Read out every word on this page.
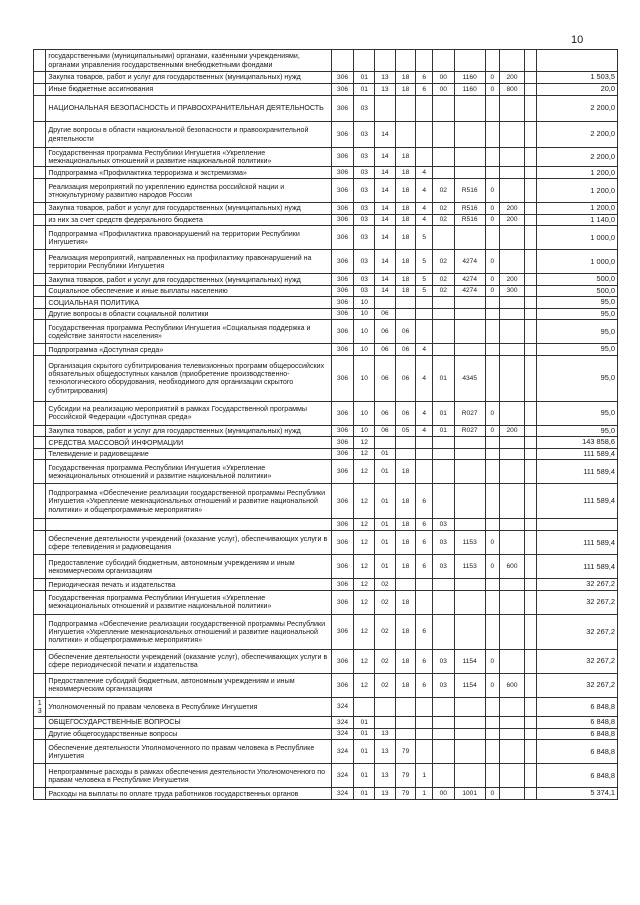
10
	государственными (муниципальными) органами, казёнными учреждениями, органами управления государственными внебюджетными фондами											
	Закупка товаров, работ и услуг для государственных (муниципальных) нужд	306	01	13	18	6	00	1160	0	200		1 503,5
	Иные бюджетные ассигнования	306	01	13	18	6	00	1160	0	800		20,0
	НАЦИОНАЛЬНАЯ БЕЗОПАСНОСТЬ И ПРАВООХРАНИТЕЛЬНАЯ ДЕЯТЕЛЬНОСТЬ	306	03									2 200,0
	Другие вопросы в области национальной безопасности и правоохранительной деятельности	306	03	14								2 200,0
	Государственная программа Республики Ингушетия «Укрепление межнациональных отношений и развитие национальной политики»	306	03	14	18							2 200,0
	Подпрограмма «Профилактика терроризма и экстремизма»	306	03	14	18	4						1 200,0
	Реализация мероприятий по укреплению единства российской нации и этнокультурному развитию народов России	306	03	14	18	4	02	R516	0			1 200,0
	Закупка товаров, работ и услуг для государственных (муниципальных) нужд	306	03	14	18	4	02	R516	0	200		1 200,0
	из них за счет средств федерального бюджета	306	03	14	18	4	02	R516	0	200		1 140,0
	Подпрограмма «Профилактика правонарушений на территории Республики Ингушетия»	306	03	14	18	5						1 000,0
	Реализация мероприятий, направленных на профилактику правонарушений на территории Республики Ингушетия	306	03	14	18	5	02	4274	0			1 000,0
	Закупка товаров, работ и услуг для государственных (муниципальных) нужд	306	03	14	18	5	02	4274	0	200		500,0
	Социальное обеспечение и иные выплаты населению	306	03	14	18	5	02	4274	0	300		500,0
	СОЦИАЛЬНАЯ ПОЛИТИКА	306	10									95,0
	Другие вопросы в области социальной политики	306	10	06								95,0
	Государственная программа Республики Ингушетия «Социальная поддержка и содействие занятости населения»	306	10	06	06							95,0
	Подпрограмма «Доступная среда»	306	10	06	06	4						95,0
	Организация скрытого субтитрирования телевизионных программ общероссийских обязательных общедоступных каналов (приобретение производственно-технологического оборудования, необходимого для организации скрытого субтитрирования)	306	10	06	06	4	01	4345				95,0
	Субсидии на реализацию мероприятий в рамках Государственной программы Российской Федерации «Доступная среда»	306	10	06	06	4	01	R027	0			95,0
	Закупка товаров, работ и услуг для государственных (муниципальных) нужд	306	10	06	05	4	01	R027	0	200		95,0
	СРЕДСТВА МАССОВОЙ ИНФОРМАЦИИ	306	12									143 858,6
	Телевидение и радиовещание	306	12	01								111 589,4
	Государственная программа Республики Ингушетия «Укрепление межнациональных отношений и развитие национальной политики»	306	12	01	18							111 589,4
	Подпрограмма «Обеспечение реализации государственной программы Республики Ингушетия «Укрепление межнациональных отношений и развитие национальной политики» и общепрограммные мероприятия»	306	12	01	18	6						111 589,4
		306	12	01	18	6	03					
	Обеспечение деятельности учреждений (оказание услуг), обеспечивающих услуги в сфере телевидения и радиовещания	306	12	01	18	6	03	1153	0			111 589,4
	Предоставление субсидий бюджетным, автономным учреждениям и иным некоммерческим организациям	306	12	01	18	6	03	1153	0	600		111 589,4
	Периодическая печать и издательства	306	12	02								32 267,2
	Государственная программа Республики Ингушетия «Укрепление межнациональных отношений и развитие национальной политики»	306	12	02	18							32 267,2
	Подпрограмма «Обеспечение реализации государственной программы Республики Ингушетия «Укрепление межнациональных отношений и развитие национальной политики» и общепрограммные мероприятия»	306	12	02	18	6						32 267,2
	Обеспечение деятельности учреждений (оказание услуг), обеспечивающих услуги в сфере периодической печати и издательства	306	12	02	18	6	03	1154	0			32 267,2
	Предоставление субсидий бюджетным, автономным учреждениям и иным некоммерческим организациям	306	12	02	18	6	03	1154	0	600		32 267,2
13	Уполномоченный по правам человека в Республике Ингушетия	324										6 848,8
	ОБЩЕГОСУДАРСТВЕННЫЕ ВОПРОСЫ	324	01									6 848,8
	Другие общегосударственные вопросы	324	01	13								6 848,8
	Обеспечение деятельности Уполномоченного по правам человека в Республике Ингушетия	324	01	13	79							6 848,8
	Непрограммные расходы в рамках обеспечения деятельности Уполномоченного по правам человека в Республике Ингушетия	324	01	13	79	1						6 848,8
	Расходы на выплаты по оплате труда работников государственных органов	324	01	13	79	1	00	1001	0			5 374,1
